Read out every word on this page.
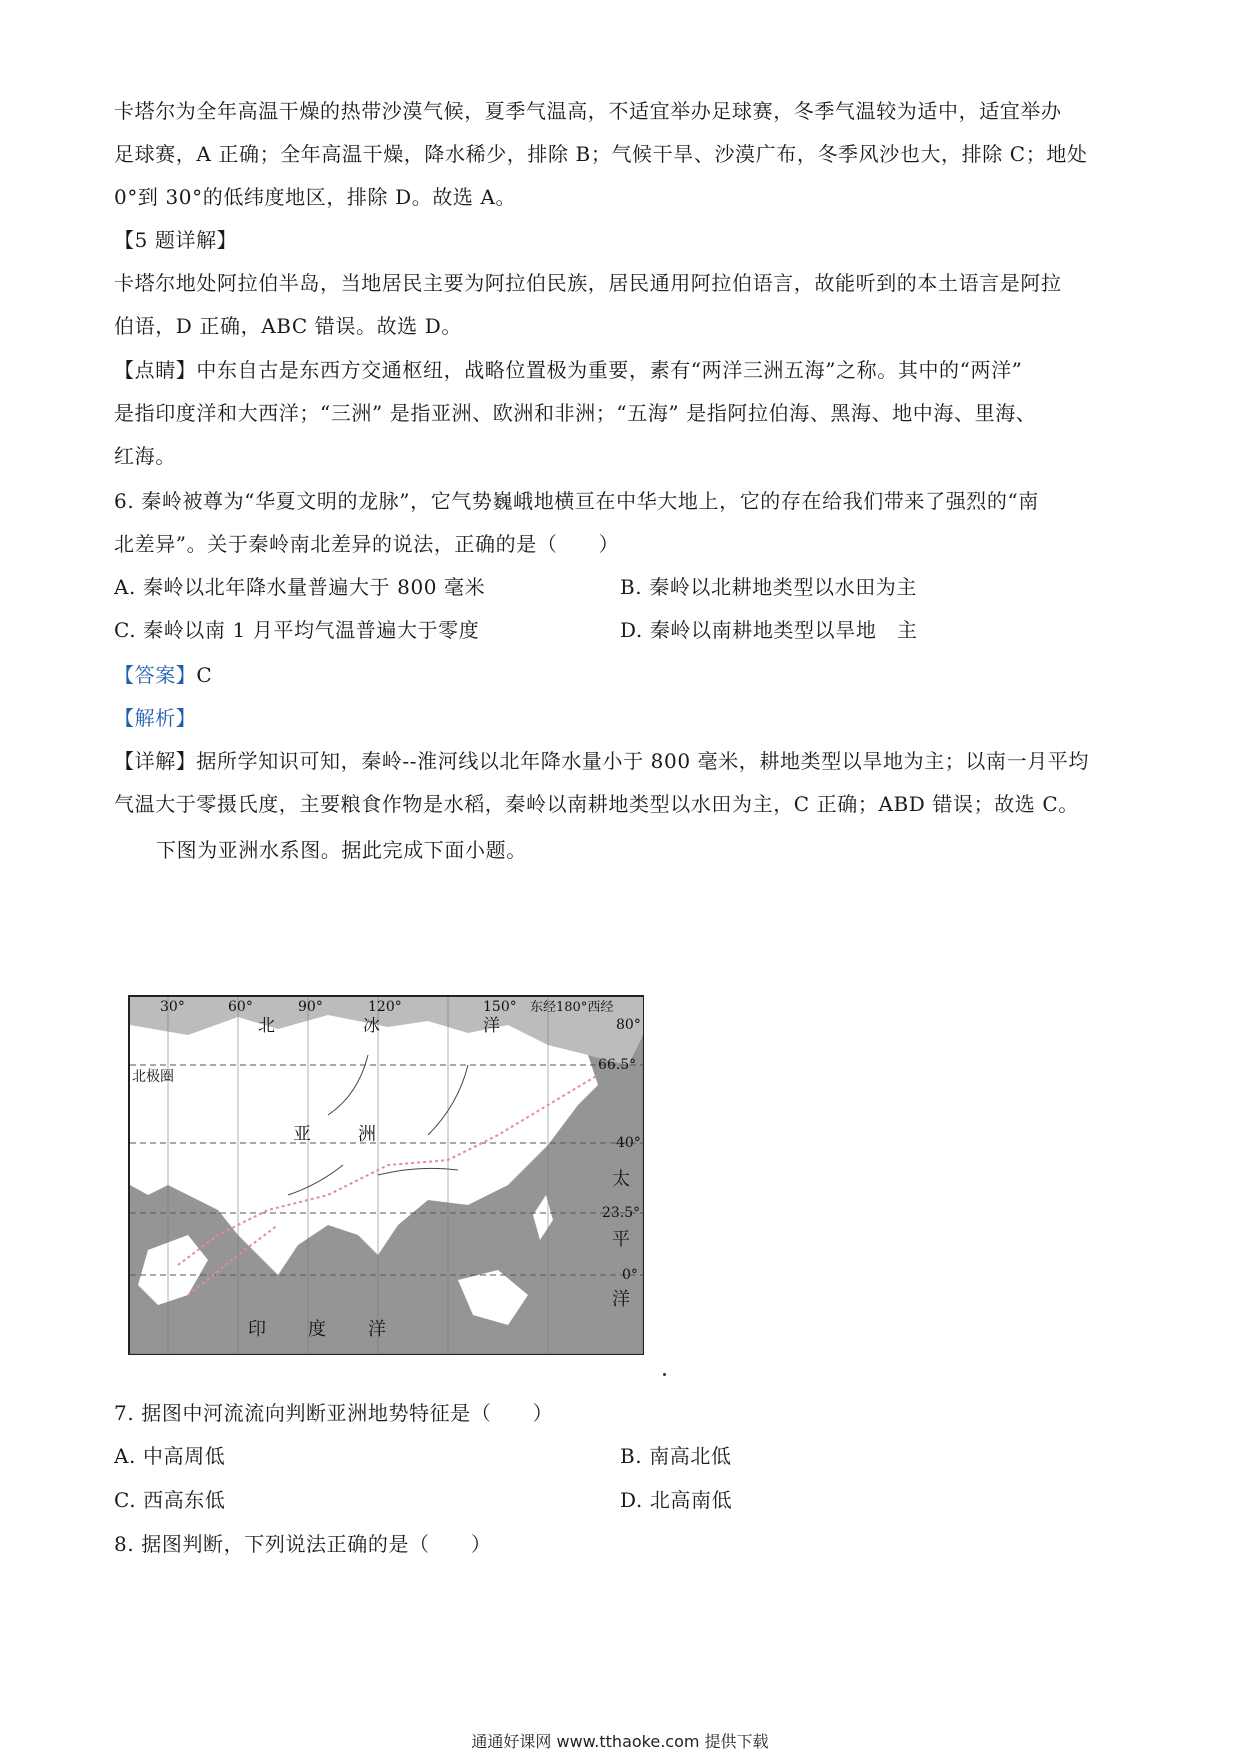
卡塔尔为全年高温干燥的热带沙漠气候，夏季气温高，不适宜举办足球赛，冬季气温较为适中，适宜举办
足球赛，A 正确；全年高温干燥，降水稀少，排除 B；气候干旱、沙漠广布，冬季风沙也大，排除 C；地处
0°到 30°的低纬度地区，排除 D。故选 A。
【5 题详解】
卡塔尔地处阿拉伯半岛，当地居民主要为阿拉伯民族，居民通用阿拉伯语言，故能听到的本土语言是阿拉
伯语，D 正确，ABC 错误。故选 D。
【点睛】中东自古是东西方交通枢纽，战略位置极为重要，素有“两洋三洲五海”之称。其中的“两洋”
是指印度洋和大西洋；“三洲” 是指亚洲、欧洲和非洲；“五海” 是指阿拉伯海、黑海、地中海、里海、
红海。
6. 秦岭被尊为“华夏文明的龙脉”，它气势巍峨地横亘在中华大地上，它的存在给我们带来了强烈的“南
北差异”。关于秦岭南北差异的说法，正确的是（　　）
A. 秦岭以北年降水量普遍大于 800 毫米	B. 秦岭以北耕地类型以水田为主
C. 秦岭以南 1 月平均气温普遍大于零度	D. 秦岭以南耕地类型以旱地　主
【答案】C
【解析】
【详解】据所学知识可知，秦岭--淮河线以北年降水量小于 800 毫米，耕地类型以旱地为主；以南一月平均
气温大于零摄氏度，主要粮食作物是水稻，秦岭以南耕地类型以水田为主，C 正确；ABD 错误；故选 C。
下图为亚洲水系图。据此完成下面小题。
30°	60°	90°	120°	150° 东经180°西经
80°
66.5°
40°
23.5°
0°
北	冰	洋
北极圈
亚	洲
太
平
洋
印 度 洋
7. 据图中河流流向判断亚洲地势特征是（　　）
A. 中高周低	B. 南高北低
C. 西高东低	D. 北高南低
8. 据图判断，下列说法正确的是（　　）
通通好课网 www.tthaoke.com 提供下载
